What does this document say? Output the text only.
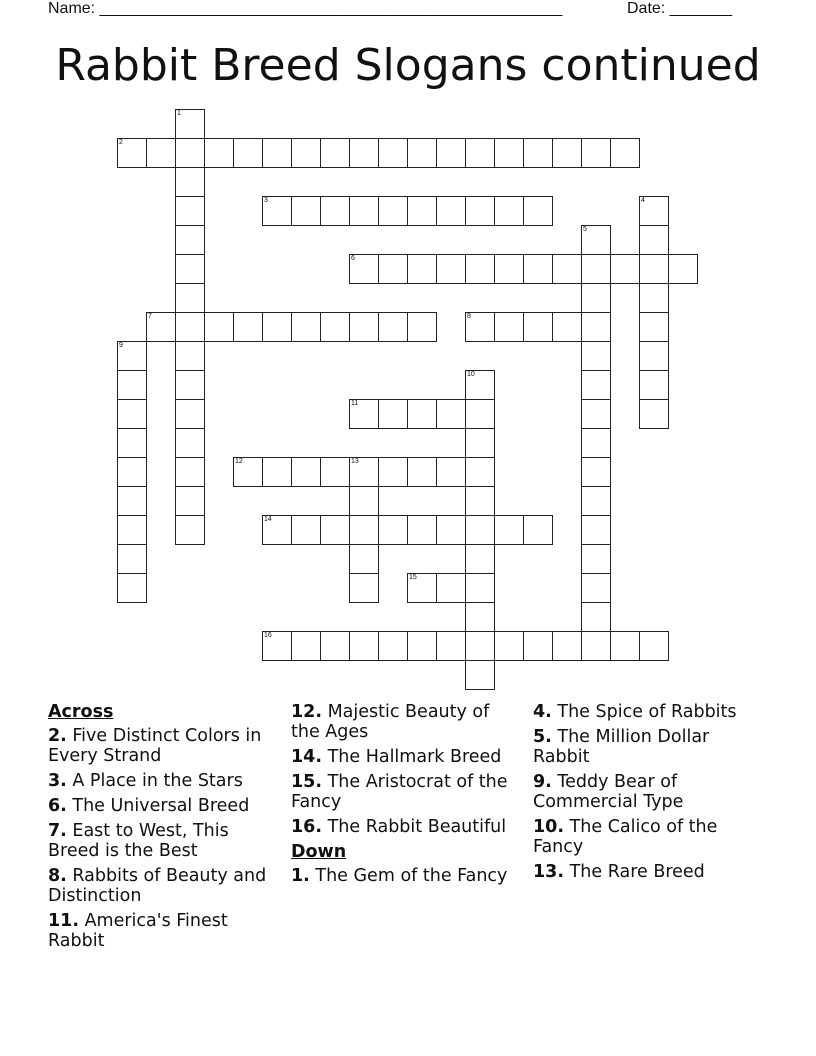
Name: ____________________________________________________	Date: _______
Rabbit Breed Slogans continued
1
2
3	4
5
6
7	8
9
10
11
12	13
14
15
16
Across
2. Five Distinct Colors in Every Strand
3. A Place in the Stars
6. The Universal Breed
7. East to West, This Breed is the Best
8. Rabbits of Beauty and Distinction
11. America's Finest Rabbit
12. Majestic Beauty of the Ages
14. The Hallmark Breed
15. The Aristocrat of the Fancy
16. The Rabbit Beautiful
Down
1. The Gem of the Fancy
4. The Spice of Rabbits
5. The Million Dollar Rabbit
9. Teddy Bear of Commercial Type
10. The Calico of the Fancy
13. The Rare Breed
